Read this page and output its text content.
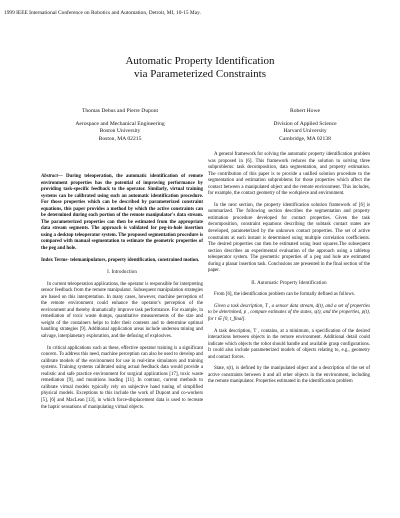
1999 IEEE International Conference on Robotics and Automation, Detroit, MI, 10-15 May.
Automatic Property Identification
via Parameterized Constraints
Thomas Debus and Pierre Dupont
Aerospace and Mechanical Engineering
Boston University
Boston, MA 02215
Robert Howe
Division of Applied Science
Harvard University
Cambridge, MA 02138

Abstract— During teleoperation, the automatic identification of remote environment properties has the potential of improving performance by providing task-specific feedback to the operator. Similarly, virtual training systems can be calibrated using such an automatic identification procedure. For those properties which can be described by parameterized constraint equations, this paper provides a method by which the active constraints can be determined during each portion of the remote manipulator's data stream. The parameterized properties can then be estimated from the appropriate data stream segments. The approach is validated for peg-in-hole insertion using a desktop teleoperator system. The proposed segmentation procedure is compared with manual segmentation to estimate the geometric properties of the peg and hole.

Index Terms- telemanipulators, property identification, constrained motion.

I. Introduction

In current teleoperation applications, the operator is responsible for interpreting sensor feedback from the remote manipulator. Subsequent manipulation strategies are based on this interpretation. In many cases, however, machine perception of the remote environment could enhance the operator's perception of the environment and thereby dramatically improve task performance. For example, in remediation of toxic waste dumps, quantitative measurements of the size and weight of the containers helps to infer their contents and to determine optimal handling strategies [9]. Additional application areas include undersea mining and salvage, interplanetary exploration, and the defusing of explosives.

In critical applications such as these, effective operator training is a significant concern. To address this need, machine perception can also be used to develop and calibrate models of the environment for use in real-time simulators and training systems. Training systems calibrated using actual feedback data would provide a realistic and safe practice environment for surgical applications [17], toxic waste remediation [9], and munitions loading [11]. In contrast, current methods to calibrate virtual models typically rely on subjective hand tuning of simplified physical models. Exceptions to this include the work of Dupont and co-workers [5], [6] and MacLean [13], in which force-displacement data is used to recreate the haptic sensations of manipulating virtual objects.

A general framework for solving the automatic property identification problem was proposed in [6]. This framework reduces the solution to solving three subproblems: task decomposition, data segmentation, and property estimation. The contribution of this paper is to provide a unified solution procedure to the segmentation and estimation subproblems for those properties which affect the contact between a manipulated object and the remote environment. This includes, for example, the contact geometry of the workpiece and environment.

In the next section, the property identification solution framework of [6] is summarized. The following section describes the segmentation and property estimation procedure developed for contact properties. Given the task decomposition, constraint equations describing the subtask contact states are developed, parameterized by the unknown contact properties. The set of active constraints at each instant is determined using multiple correlation coefficients. The desired properties can then be estimated using least squares.The subsequent section describes an experimental evaluation of the approach using a tabletop teleoperator system. The geometric properties of a peg and hole are estimated during a planar insertion task. Conclusions are presented in the final section of the paper.

II. Automatic Property Identification

From [6], the identification problem can be formally defined as follows.

Given a task description, T , a sensor data stream, d(t), and a set of properties to be determined, p , compute estimates of the states, s(t), and the properties, p(t), for t ∈ [0, t_final].

A task description, T , contains, at a minimum, a specification of the desired interactions between objects in the remote environment. Additional detail could indicate which objects the robot should handle and available grasp configurations. It could also include parameterized models of objects relating to, e.g., geometry and contact forces.

State, s(t), is defined by the manipulated object and a description of the set of active constraints between it and all other objects in the environment, including the remote manipulator. Properties estimated in the identification problem
